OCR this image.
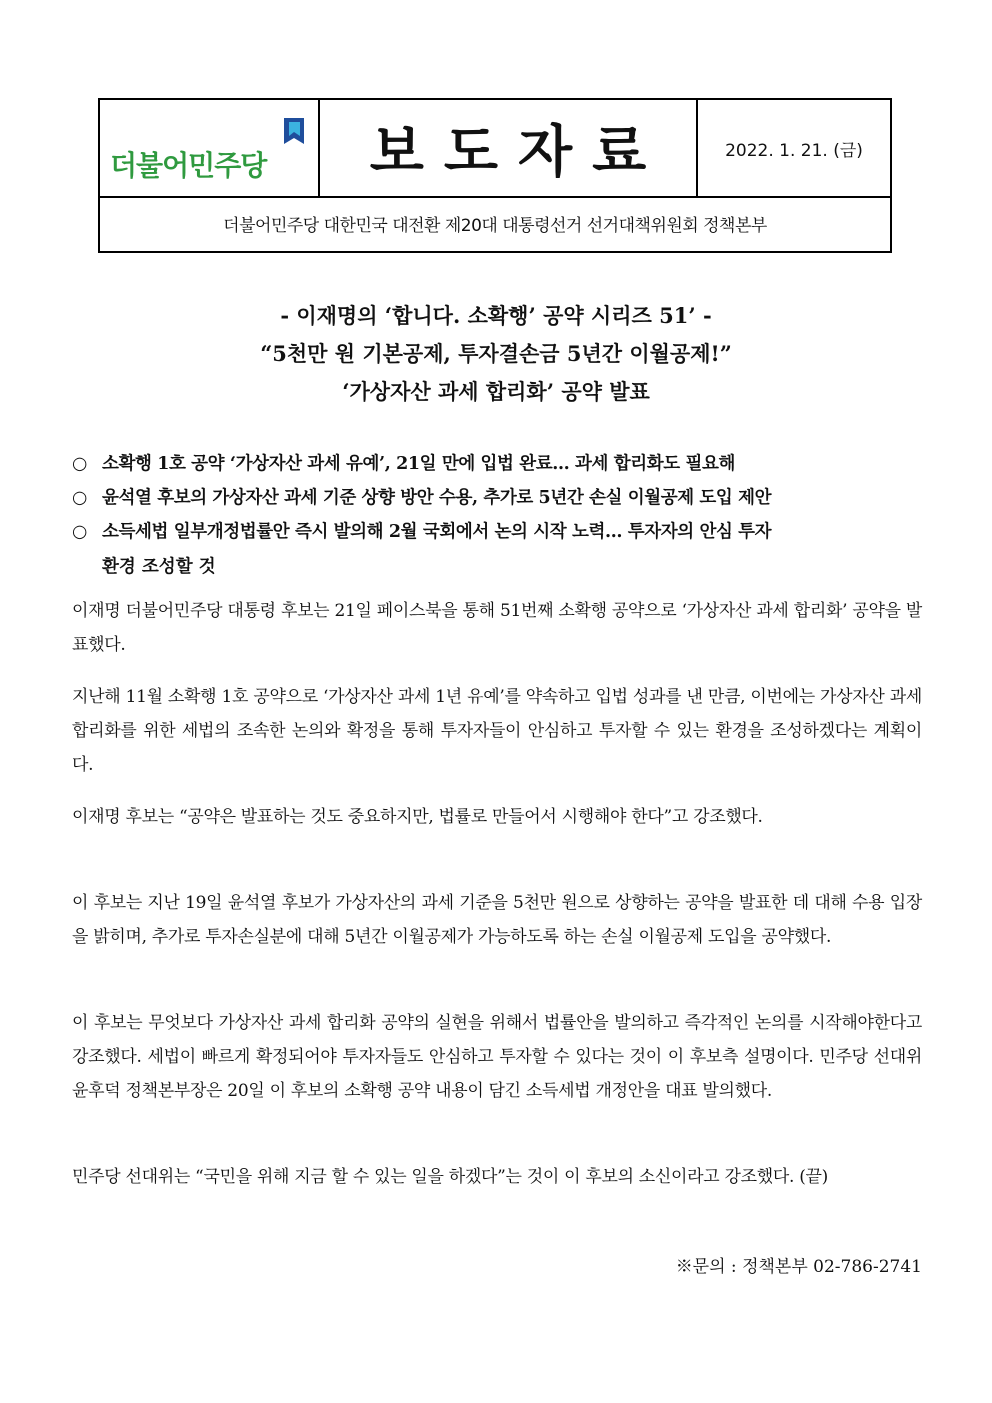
더불어민주당 보도자료	2022. 1. 21. (금)
더불어민주당 대한민국 대전환 제20대 대통령선거 선거대책위원회 정책본부
- 이재명의 ‘합니다. 소확행’ 공약 시리즈 51’ -
“5천만 원 기본공제, 투자결손금 5년간 이월공제!”
‘가상자산 과세 합리화’ 공약 발표
○ 소확행 1호 공약 ‘가상자산 과세 유예’, 21일 만에 입법 완료… 과세 합리화도 필요해
○ 윤석열 후보의 가상자산 과세 기준 상향 방안 수용, 추가로 5년간 손실 이월공제 도입 제안
○ 소득세법 일부개정법률안 즉시 발의해 2월 국회에서 논의 시작 노력… 투자자의 안심 투자
환경 조성할 것
이재명 더불어민주당 대통령 후보는 21일 페이스북을 통해 51번째 소확행 공약으로 ‘가상자산 과세 합리화’ 공약을 발표했다.
지난해 11월 소확행 1호 공약으로 ‘가상자산 과세 1년 유예’를 약속하고 입법 성과를 낸 만큼, 이번에는 가상자산 과세 합리화를 위한 세법의 조속한 논의와 확정을 통해 투자자들이 안심하고 투자할 수 있는 환경을 조성하겠다는 계획이다.
이재명 후보는 “공약은 발표하는 것도 중요하지만, 법률로 만들어서 시행해야 한다”고 강조했다.
이 후보는 지난 19일 윤석열 후보가 가상자산의 과세 기준을 5천만 원으로 상향하는 공약을 발표한 데 대해 수용 입장을 밝히며, 추가로 투자손실분에 대해 5년간 이월공제가 가능하도록 하는 손실 이월공제 도입을 공약했다.
이 후보는 무엇보다 가상자산 과세 합리화 공약의 실현을 위해서 법률안을 발의하고 즉각적인 논의를 시작해야한다고 강조했다. 세법이 빠르게 확정되어야 투자자들도 안심하고 투자할 수 있다는 것이 이 후보측 설명이다. 민주당 선대위 윤후덕 정책본부장은 20일 이 후보의 소확행 공약 내용이 담긴 소득세법 개정안을 대표 발의했다.
민주당 선대위는 “국민을 위해 지금 할 수 있는 일을 하겠다”는 것이 이 후보의 소신이라고 강조했다. (끝)
※문의 : 정책본부 02-786-2741
